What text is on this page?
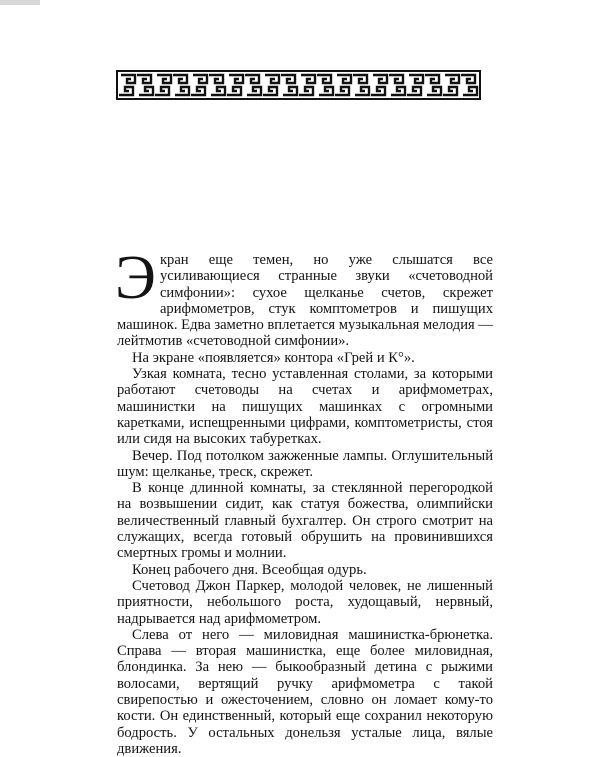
Экран еще темен, но уже слышатся все усиливающиеся странные звуки «счетоводной симфонии»: сухое щелканье счетов, скрежет арифмометров, стук комптометров и пишущих машинок. Едва заметно вплетается музыкальная мелодия — лейтмотив «счетоводной симфонии».

На экране «появляется» контора «Грей и К°».

Узкая комната, тесно уставленная столами, за которыми работают счетоводы на счетах и арифмометрах, машинистки на пишущих машинках с огромными каретками, испещренными цифрами, комптометристы, стоя или сидя на высоких табуретках.

Вечер. Под потолком зажженные лампы. Оглушительный шум: щелканье, треск, скрежет.

В конце длинной комнаты, за стеклянной перегородкой на возвышении сидит, как статуя божества, олимпийски величественный главный бухгалтер. Он строго смотрит на служащих, всегда готовый обрушить на провинившихся смертных громы и молнии.

Конец рабочего дня. Всеобщая одурь.

Счетовод Джон Паркер, молодой человек, не лишенный приятности, небольшого роста, худощавый, нервный, надрывается над арифмометром.

Слева от него — миловидная машинистка-брюнетка. Справа — вторая машинистка, еще более миловидная, блондинка. За нею — быкообразный детина с рыжими волосами, вертящий ручку арифмометра с такой свирепостью и ожесточением, словно он ломает кому-то кости. Он единственный, который еще сохранил некоторую бодрость. У остальных донельзя усталые лица, вялые движения.
